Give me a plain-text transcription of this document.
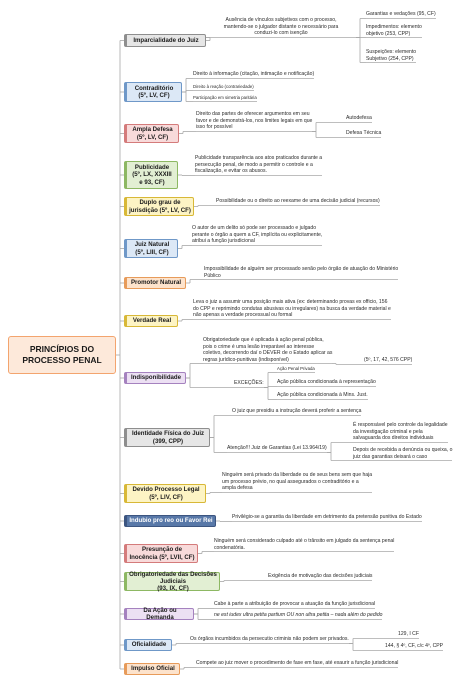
PRINCÍPIOS DO
PROCESSO PENAL
Imparcialidade do Juiz
Contraditório
(5º, LV, CF)
Ampla Defesa
(5º, LV, CF)
Publicidade
(5º, LX, XXXIII
e 93, CF)
Duplo grau de
jurisdição (5º, LV, CF)
Juiz Natural
(5º, LIII, CF)
Promotor Natural
Verdade Real
Indisponibilidade
Identidade Física do Juiz
(399, CPP)
Devido Processo Legal
(5º, LIV, CF)
Indubio pro reo ou Favor Rei
Presunção de
Inocência (5º, LVII, CF)
Obrigatoriedade das Decisões Judiciais
(93, IX, CF)
Da Ação ou Demanda
Oficialidade
Impulso Oficial
Ausência de vínculos subjetivos com o processo,
mantendo-se o julgador distante o necessário para
conduzi-lo com isenção
Garantias e vedações (95, CF)
Impedimentos: elemento
objetivo (253, CPP)
Suspeições: elemento
Subjetivo (254, CPP)
Direito à informação (citação, intimação e notificação)
Direito à reação (contrariedade)
Participação em simetria paritária
Direito das partes de oferecer argumentos em seu
favor e de demonstrá-los, nos limites legais em que
isso for possível
Autodefesa
Defesa Técnica
Publicidade transparência aos atos praticados durante a
persecução penal, de modo a permitir o controle e a
fiscalização, e evitar os abusos.
Possibilidade ou o direito ao reexame de uma decisão judicial (recursos)
O autor de um delito só pode ser processado e julgado
perante o órgão a quem a CF, implícita ou explicitamente,
atribui a função jurisdicional
Impossibilidade de alguém ser processado senão pelo órgão de atuação do Ministério
Público
Leva o juiz a assumir uma posição mais ativa (ex: determinando provas ex officio, 156
do CPP e reprimindo condutas abusivas ou irregulares) na busca da verdade material e
não apenas a verdade processual ou formal
Obrigatoriedade que é aplicada à ação penal pública,
pois o crime é uma lesão irreparável ao interesse
coletivo, decorrendo daí o DEVER de o Estado aplicar as
regras jurídico-punitivas (indisponível)	(5º, 17, 42, 576 CPP)
EXCEÇÕES:
Ação Penal Privada
Ação pública condicionada à representação
Ação pública condicionada à Mins. Just.
O juiz que presidiu a instrução deverá proferir a sentença
Atenção!!! Juiz de Garantias (Lei 13.964/19)
É responsável pelo controle da legalidade
da investigação criminal e pela
salvaguarda dos direitos individuais
Depois de recebida a denúncia ou queixa, o
juiz das garantias deixará o caso
Ninguém será privado da liberdade ou de seus bens sem que haja
um processo prévio, no qual assegurados o contraditório e a
ampla defesa
Privilégio-se a garantia da liberdade em detrimento da pretensão punitiva do Estado
Ninguém será considerado culpado até o trânsito em julgado da sentença penal
condenatória.
Exigência de motivação das decisões judiciais
Cabe à parte a atribuição de provocar a atuação da função jurisdicional
ne est iudex ultra petita partium OU non ultra petita – nada além do pedido
Os órgãos incumbidos da persecutio criminis não podem ser privados.
129, I CF
144, § 4º, CF, c/c 4º, CPP
Compete ao juiz mover o procedimento de fase em fase, até exaurir a função jurisdicional
